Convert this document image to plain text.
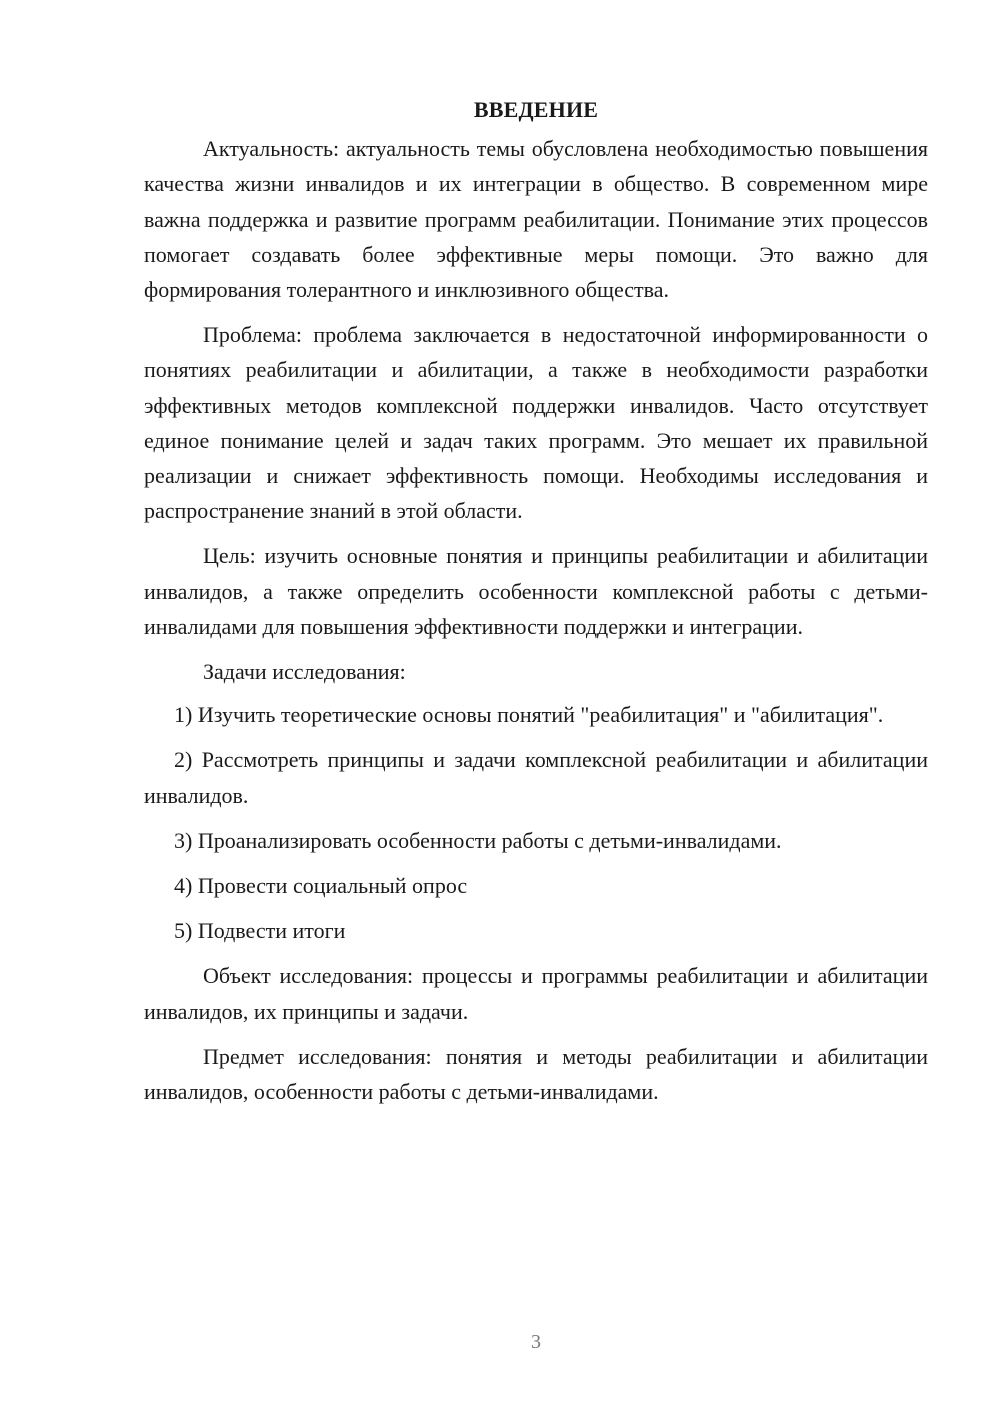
ВВЕДЕНИЕ

Актуальность: актуальность темы обусловлена необходимостью повышения качества жизни инвалидов и их интеграции в общество. В современном мире важна поддержка и развитие программ реабилитации. Понимание этих процессов помогает создавать более эффективные меры помощи. Это важно для формирования толерантного и инклюзивного общества.

Проблема: проблема заключается в недостаточной информированности о понятиях реабилитации и абилитации, а также в необходимости разработки эффективных методов комплексной поддержки инвалидов. Часто отсутствует единое понимание целей и задач таких программ. Это мешает их правильной реализации и снижает эффективность помощи. Необходимы исследования и распространение знаний в этой области.

Цель: изучить основные понятия и принципы реабилитации и абилитации инвалидов, а также определить особенности комплексной работы с детьми-инвалидами для повышения эффективности поддержки и интеграции.

Задачи исследования:

1) Изучить теоретические основы понятий "реабилитация" и "абилитация".

2) Рассмотреть принципы и задачи комплексной реабилитации и абилитации инвалидов.

3) Проанализировать особенности работы с детьми-инвалидами.

4) Провести социальный опрос

5) Подвести итоги

Объект исследования: процессы и программы реабилитации и абилитации инвалидов, их принципы и задачи.

Предмет исследования: понятия и методы реабилитации и абилитации инвалидов, особенности работы с детьми-инвалидами.

3
